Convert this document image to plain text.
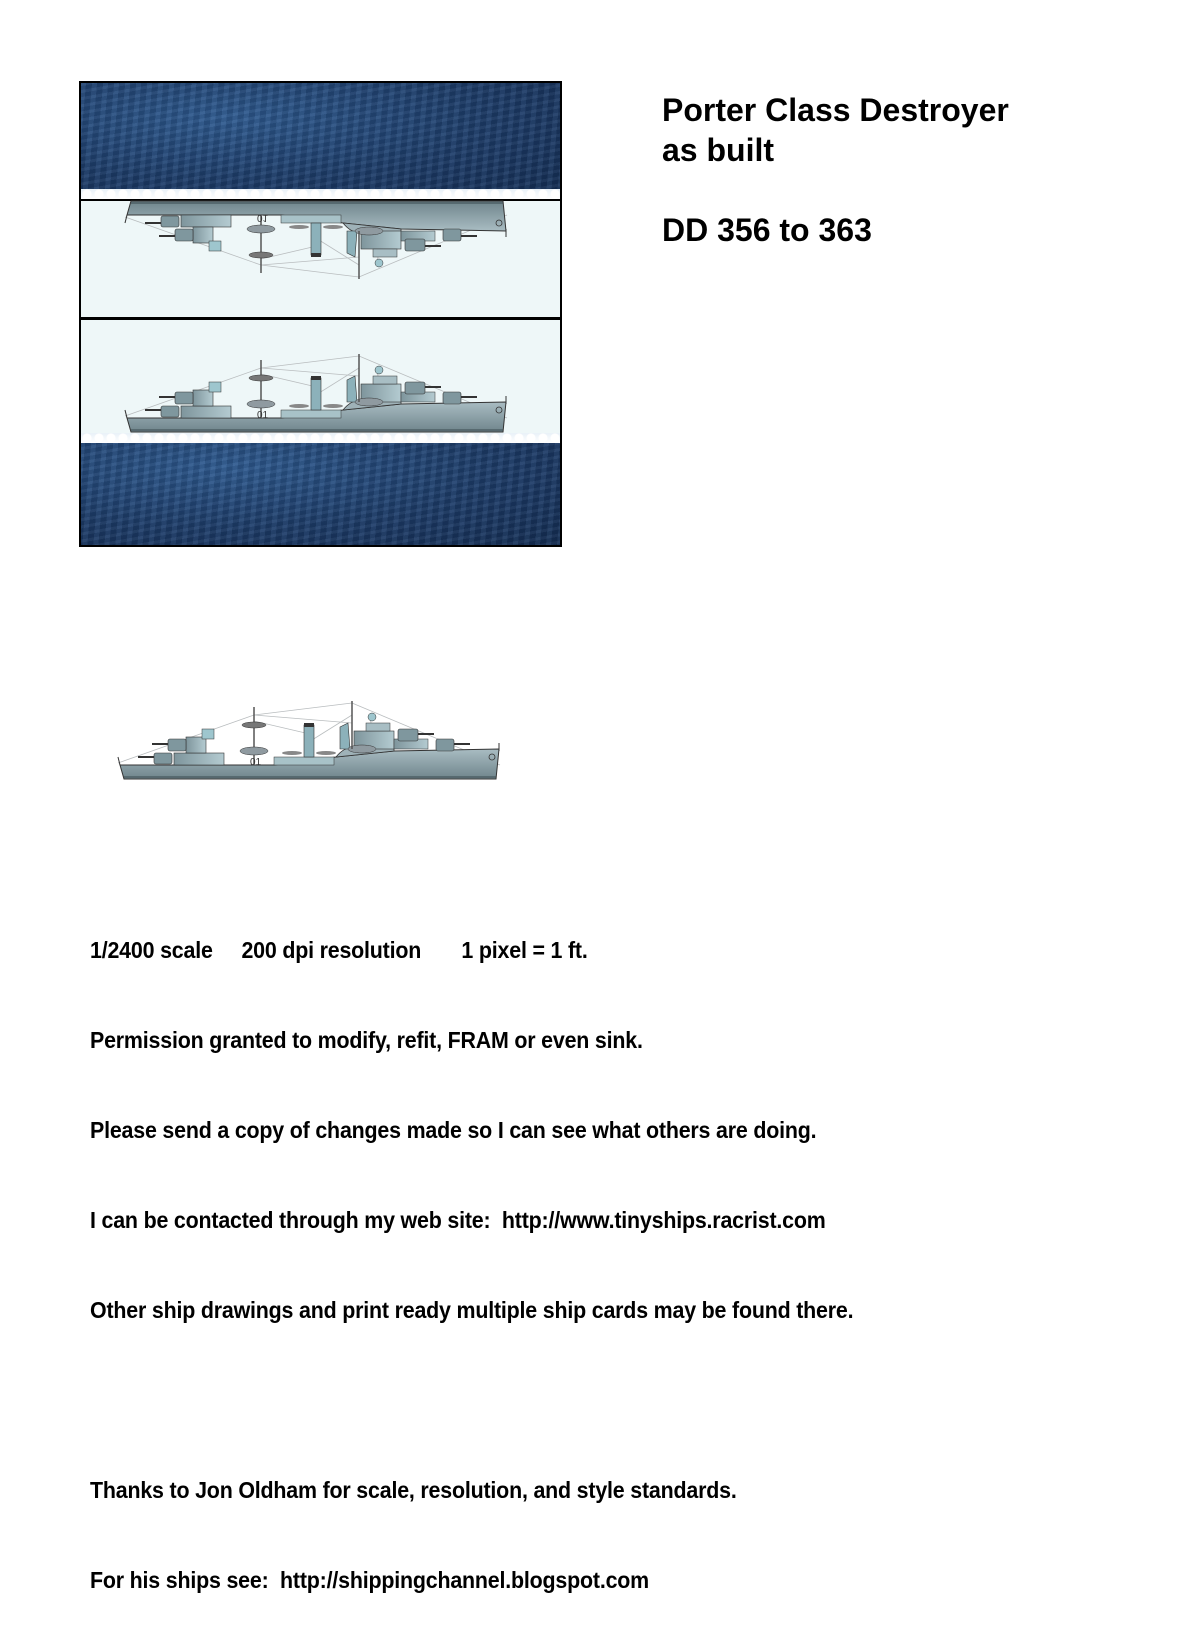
Porter Class Destroyer
as built
DD 356 to 363

1/2400 scale     200 dpi resolution       1 pixel = 1 ft.

Permission granted to modify, refit, FRAM or even sink.

Please send a copy of changes made so I can see what others are doing.

I can be contacted through my web site:  http://www.tinyships.racrist.com

Other ship drawings and print ready multiple ship cards may be found there.

Thanks to Jon Oldham for scale, resolution, and style standards.

For his ships see:  http://shippingchannel.blogspot.com
